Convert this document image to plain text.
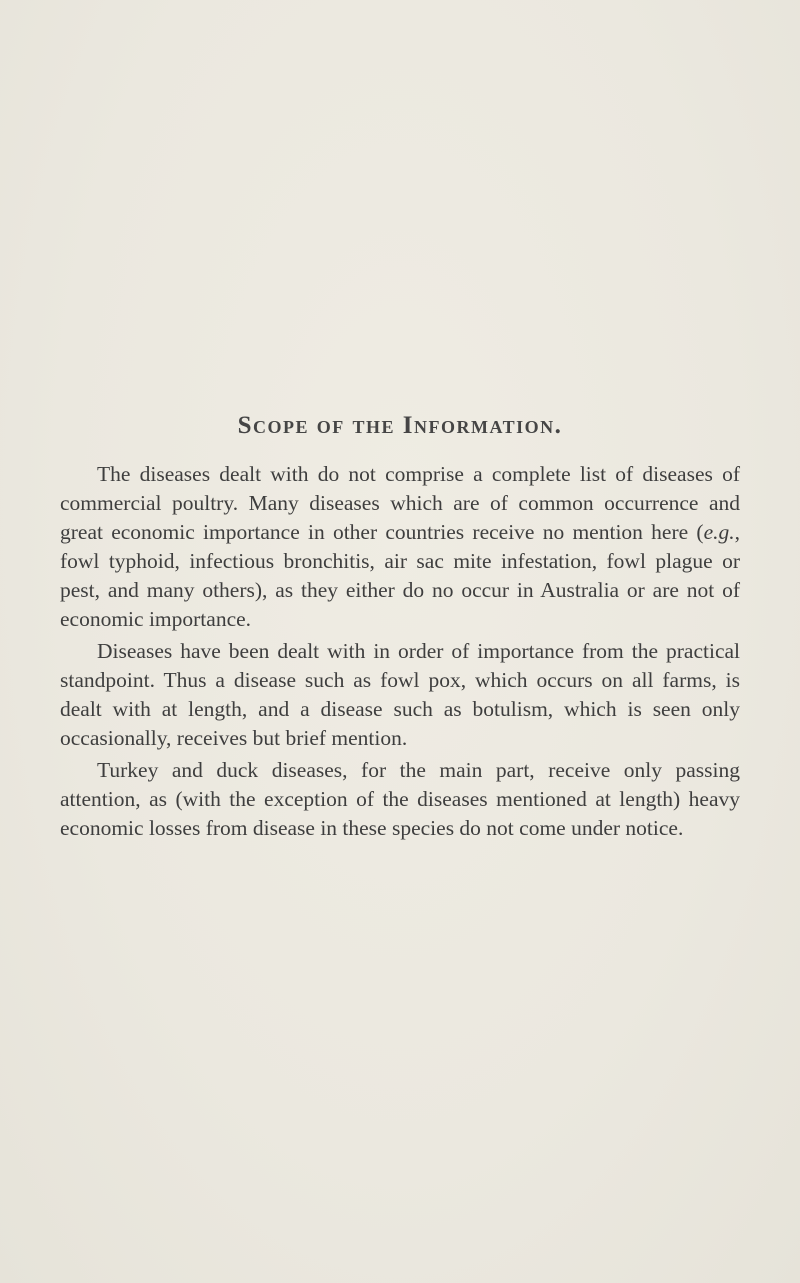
Scope of the Information.

The diseases dealt with do not comprise a complete list of diseases of commercial poultry. Many diseases which are of common occurrence and great economic importance in other countries receive no mention here (e.g., fowl typhoid, infectious bronchitis, air sac mite infestation, fowl plague or pest, and many others), as they either do no occur in Australia or are not of economic importance.

Diseases have been dealt with in order of importance from the practical standpoint. Thus a disease such as fowl pox, which occurs on all farms, is dealt with at length, and a disease such as botulism, which is seen only occasionally, receives but brief mention.

Turkey and duck diseases, for the main part, receive only passing attention, as (with the exception of the diseases mentioned at length) heavy economic losses from disease in these species do not come under notice.
